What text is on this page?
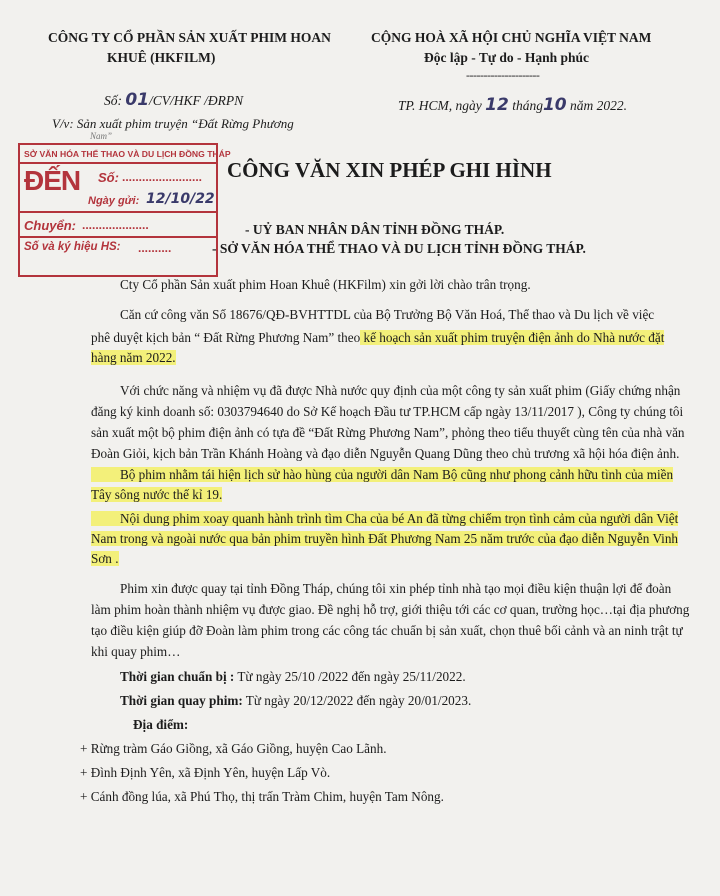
CÔNG TY CỔ PHẦN SẢN XUẤT PHIM HOAN
KHUÊ (HKFILM)
CỘNG HOÀ XÃ HỘI CHỦ NGHĨA VIỆT NAM
Độc lập - Tự do - Hạnh phúc
---------------------
Số: 01/CV/HKF /ĐRPN	TP. HCM, ngày 12 tháng10 năm 2022.
V/v: Sản xuất phim truyện “Đất Rừng Phương
Nam”
SỞ VĂN HÓA THỂ THAO VÀ DU LỊCH ĐỒNG THÁP
ĐẾN Số: ........................
Ngày gửi: 12/10/22
Chuyển: ....................
Số và ký hiệu HS: ..........
CÔNG VĂN XIN PHÉP GHI HÌNH
- UỶ BAN NHÂN DÂN TỈNH ĐỒNG THÁP.
- SỞ VĂN HÓA THỂ THAO VÀ DU LỊCH TỈNH ĐỒNG THÁP.
Cty Cổ phần Sản xuất phim Hoan Khuê (HKFilm) xin gởi lời chào trân trọng.
Căn cứ công văn Số 18676/QĐ-BVHTTDL của Bộ Trưởng Bộ Văn Hoá, Thể thao và Du lịch về việc
phê duyệt kịch bản “ Đất Rừng Phương Nam” theo kế hoạch sản xuất phim truyện điện ảnh do Nhà nước đặt
hàng năm 2022.
Với chức năng và nhiệm vụ đã được Nhà nước quy định của một công ty sản xuất phim (Giấy chứng nhận
đăng ký kinh doanh số: 0303794640 do Sở Kế hoạch Đầu tư TP.HCM cấp ngày 13/11/2017 ), Công ty chúng tôi
sản xuất một bộ phim điện ảnh có tựa đề “Đất Rừng Phương Nam”, phỏng theo tiểu thuyết cùng tên của nhà văn
Đoàn Giỏi, kịch bản Trần Khánh Hoàng và đạo diễn Nguyễn Quang Dũng theo chủ trương xã hội hóa điện ảnh.
Bộ phim nhằm tái hiện lịch sử hào hùng của người dân Nam Bộ cũng như phong cảnh hữu tình của miền
Tây sông nước thế kỉ 19.
Nội dung phim xoay quanh hành trình tìm Cha của bé An đã từng chiếm trọn tình cảm của người dân Việt
Nam trong và ngoài nước qua bản phim truyền hình Đất Phương Nam 25 năm trước của đạo diễn Nguyễn Vinh
Sơn .
Phim xin được quay tại tỉnh Đồng Tháp, chúng tôi xin phép tỉnh nhà tạo mọi điều kiện thuận lợi để đoàn
làm phim hoàn thành nhiệm vụ được giao. Đề nghị hỗ trợ, giới thiệu tới các cơ quan, trường học…tại địa phương
tạo điều kiện giúp đỡ Đoàn làm phim trong các công tác chuẩn bị sản xuất, chọn thuê bối cảnh và an ninh trật tự
khi quay phim…
Thời gian chuẩn bị : Từ ngày 25/10 /2022 đến ngày 25/11/2022.
Thời gian quay phim: Từ ngày 20/12/2022 đến ngày 20/01/2023.
Địa điểm:
+ Rừng tràm Gáo Giồng, xã Gáo Giồng, huyện Cao Lãnh.
+ Đình Định Yên, xã Định Yên, huyện Lấp Vò.
+ Cánh đồng lúa, xã Phú Thọ, thị trấn Tràm Chim, huyện Tam Nông.
